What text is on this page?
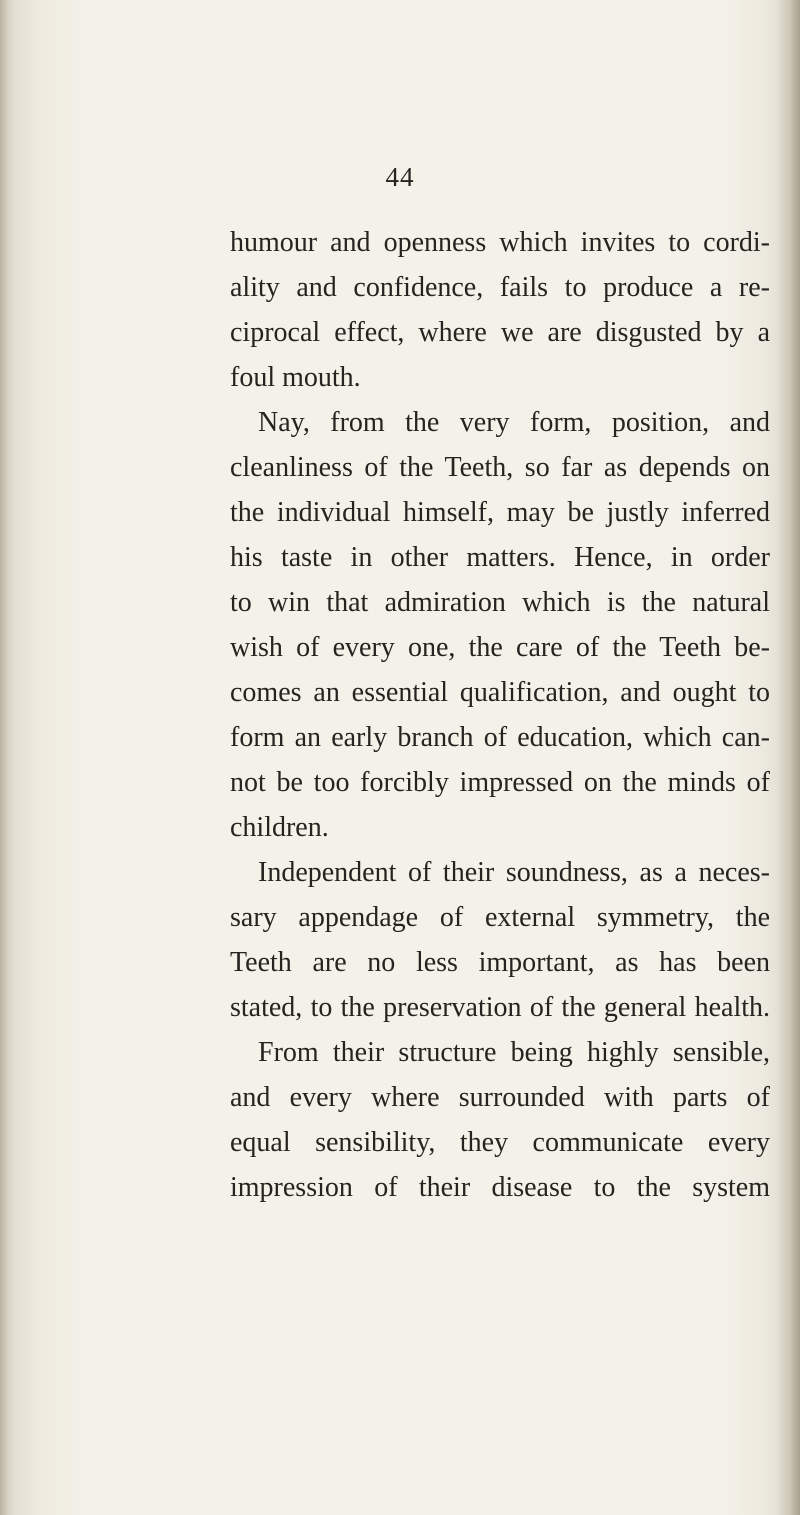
44
humour and openness which invites to cordi-
ality and confidence, fails to produce a re-
ciprocal effect, where we are disgusted by a
foul mouth.
Nay, from the very form, position, and
cleanliness of the Teeth, so far as depends on
the individual himself, may be justly inferred
his taste in other matters. Hence, in order
to win that admiration which is the natural
wish of every one, the care of the Teeth be-
comes an essential qualification, and ought to
form an early branch of education, which can-
not be too forcibly impressed on the minds of
children.
Independent of their soundness, as a neces-
sary appendage of external symmetry, the
Teeth are no less important, as has been
stated, to the preservation of the general health.
From their structure being highly sensible,
and every where surrounded with parts of
equal sensibility, they communicate every
impression of their disease to the system
